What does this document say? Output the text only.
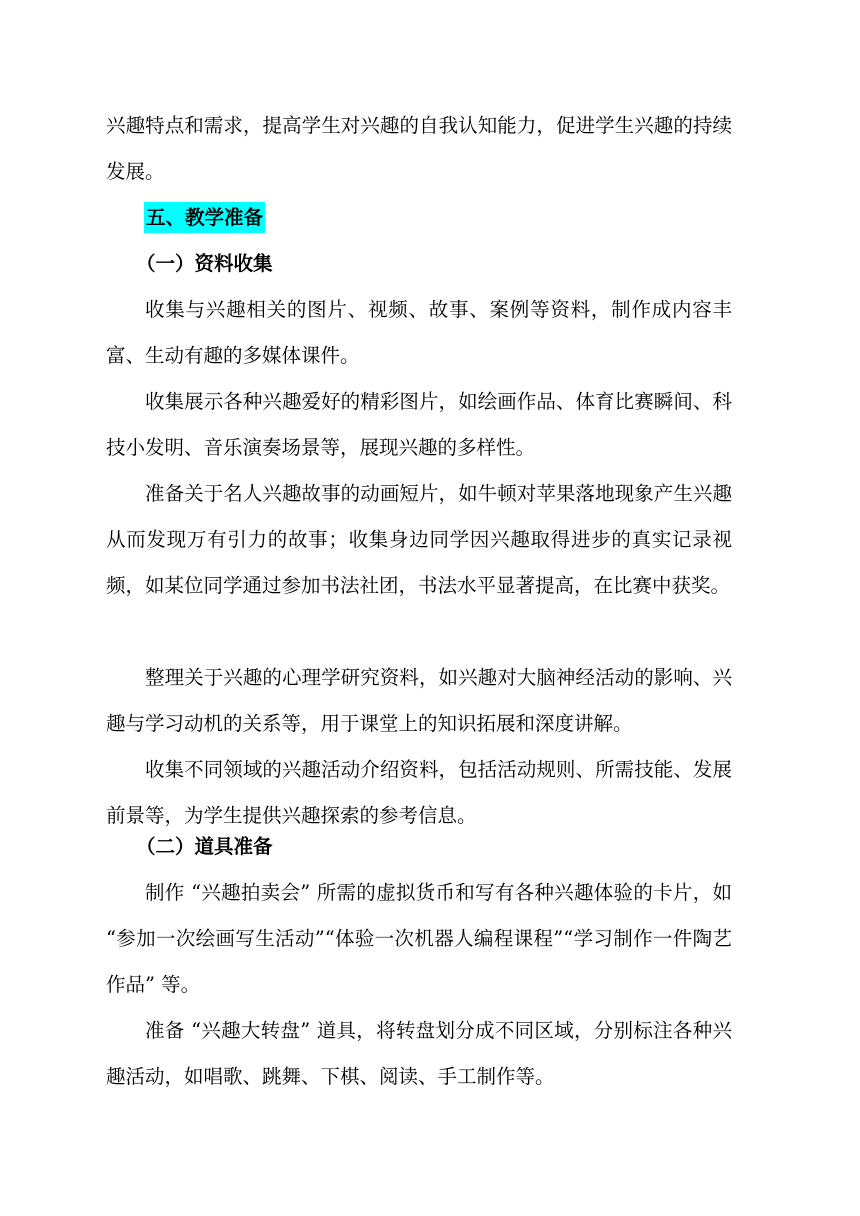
兴趣特点和需求，提高学生对兴趣的自我认知能力，促进学生兴趣的持续发展。

五、教学准备

（一）资料收集

收集与兴趣相关的图片、视频、故事、案例等资料，制作成内容丰富、生动有趣的多媒体课件。

收集展示各种兴趣爱好的精彩图片，如绘画作品、体育比赛瞬间、科技小发明、音乐演奏场景等，展现兴趣的多样性。

准备关于名人兴趣故事的动画短片，如牛顿对苹果落地现象产生兴趣从而发现万有引力的故事；收集身边同学因兴趣取得进步的真实记录视频，如某位同学通过参加书法社团，书法水平显著提高，在比赛中获奖。

整理关于兴趣的心理学研究资料，如兴趣对大脑神经活动的影响、兴趣与学习动机的关系等，用于课堂上的知识拓展和深度讲解。

收集不同领域的兴趣活动介绍资料，包括活动规则、所需技能、发展前景等，为学生提供兴趣探索的参考信息。

（二）道具准备

制作 “兴趣拍卖会” 所需的虚拟货币和写有各种兴趣体验的卡片，如 “参加一次绘画写生活动”“体验一次机器人编程课程”“学习制作一件陶艺作品” 等。

准备 “兴趣大转盘” 道具，将转盘划分成不同区域，分别标注各种兴趣活动，如唱歌、跳舞、下棋、阅读、手工制作等。
